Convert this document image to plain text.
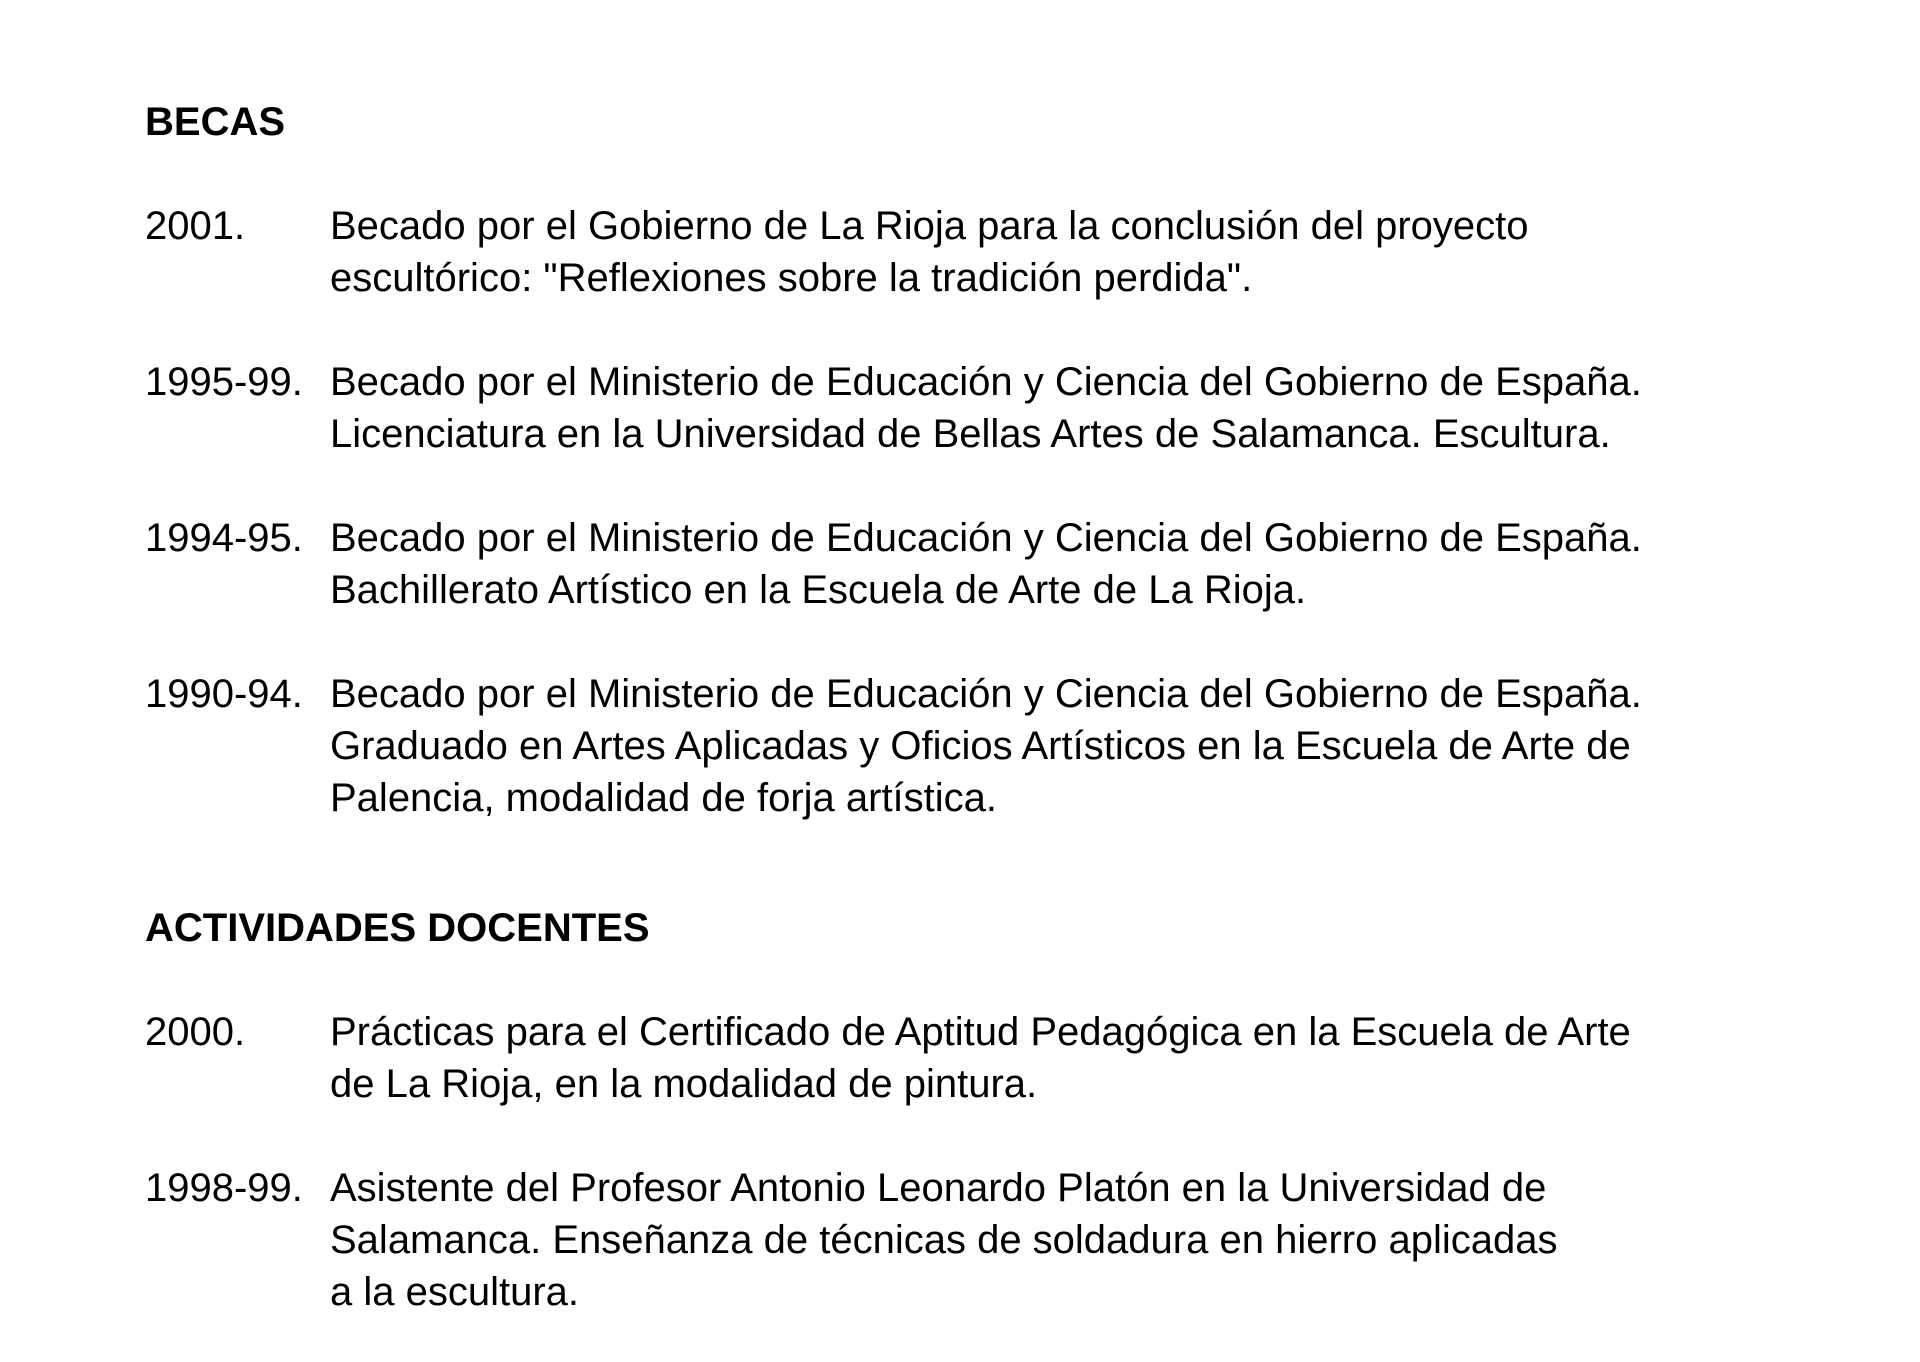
BECAS
2001.	Becado por el Gobierno de La Rioja para la conclusión del proyecto
escultórico: "Reflexiones sobre la tradición perdida".
1995-99. Becado por el Ministerio de Educación y Ciencia del Gobierno de España.
Licenciatura en la Universidad de Bellas Artes de Salamanca. Escultura.
1994-95. Becado por el Ministerio de Educación y Ciencia del Gobierno de España.
Bachillerato Artístico en la Escuela de Arte de La Rioja.
1990-94. Becado por el Ministerio de Educación y Ciencia del Gobierno de España.
Graduado en Artes Aplicadas y Oficios Artísticos en la Escuela de Arte de
Palencia, modalidad de forja artística.
ACTIVIDADES DOCENTES
2000.	Prácticas para el Certificado de Aptitud Pedagógica en la Escuela de Arte
de La Rioja, en la modalidad de pintura.
1998-99. Asistente del Profesor Antonio Leonardo Platón en la Universidad de
Salamanca. Enseñanza de técnicas de soldadura en hierro aplicadas
a la escultura.
